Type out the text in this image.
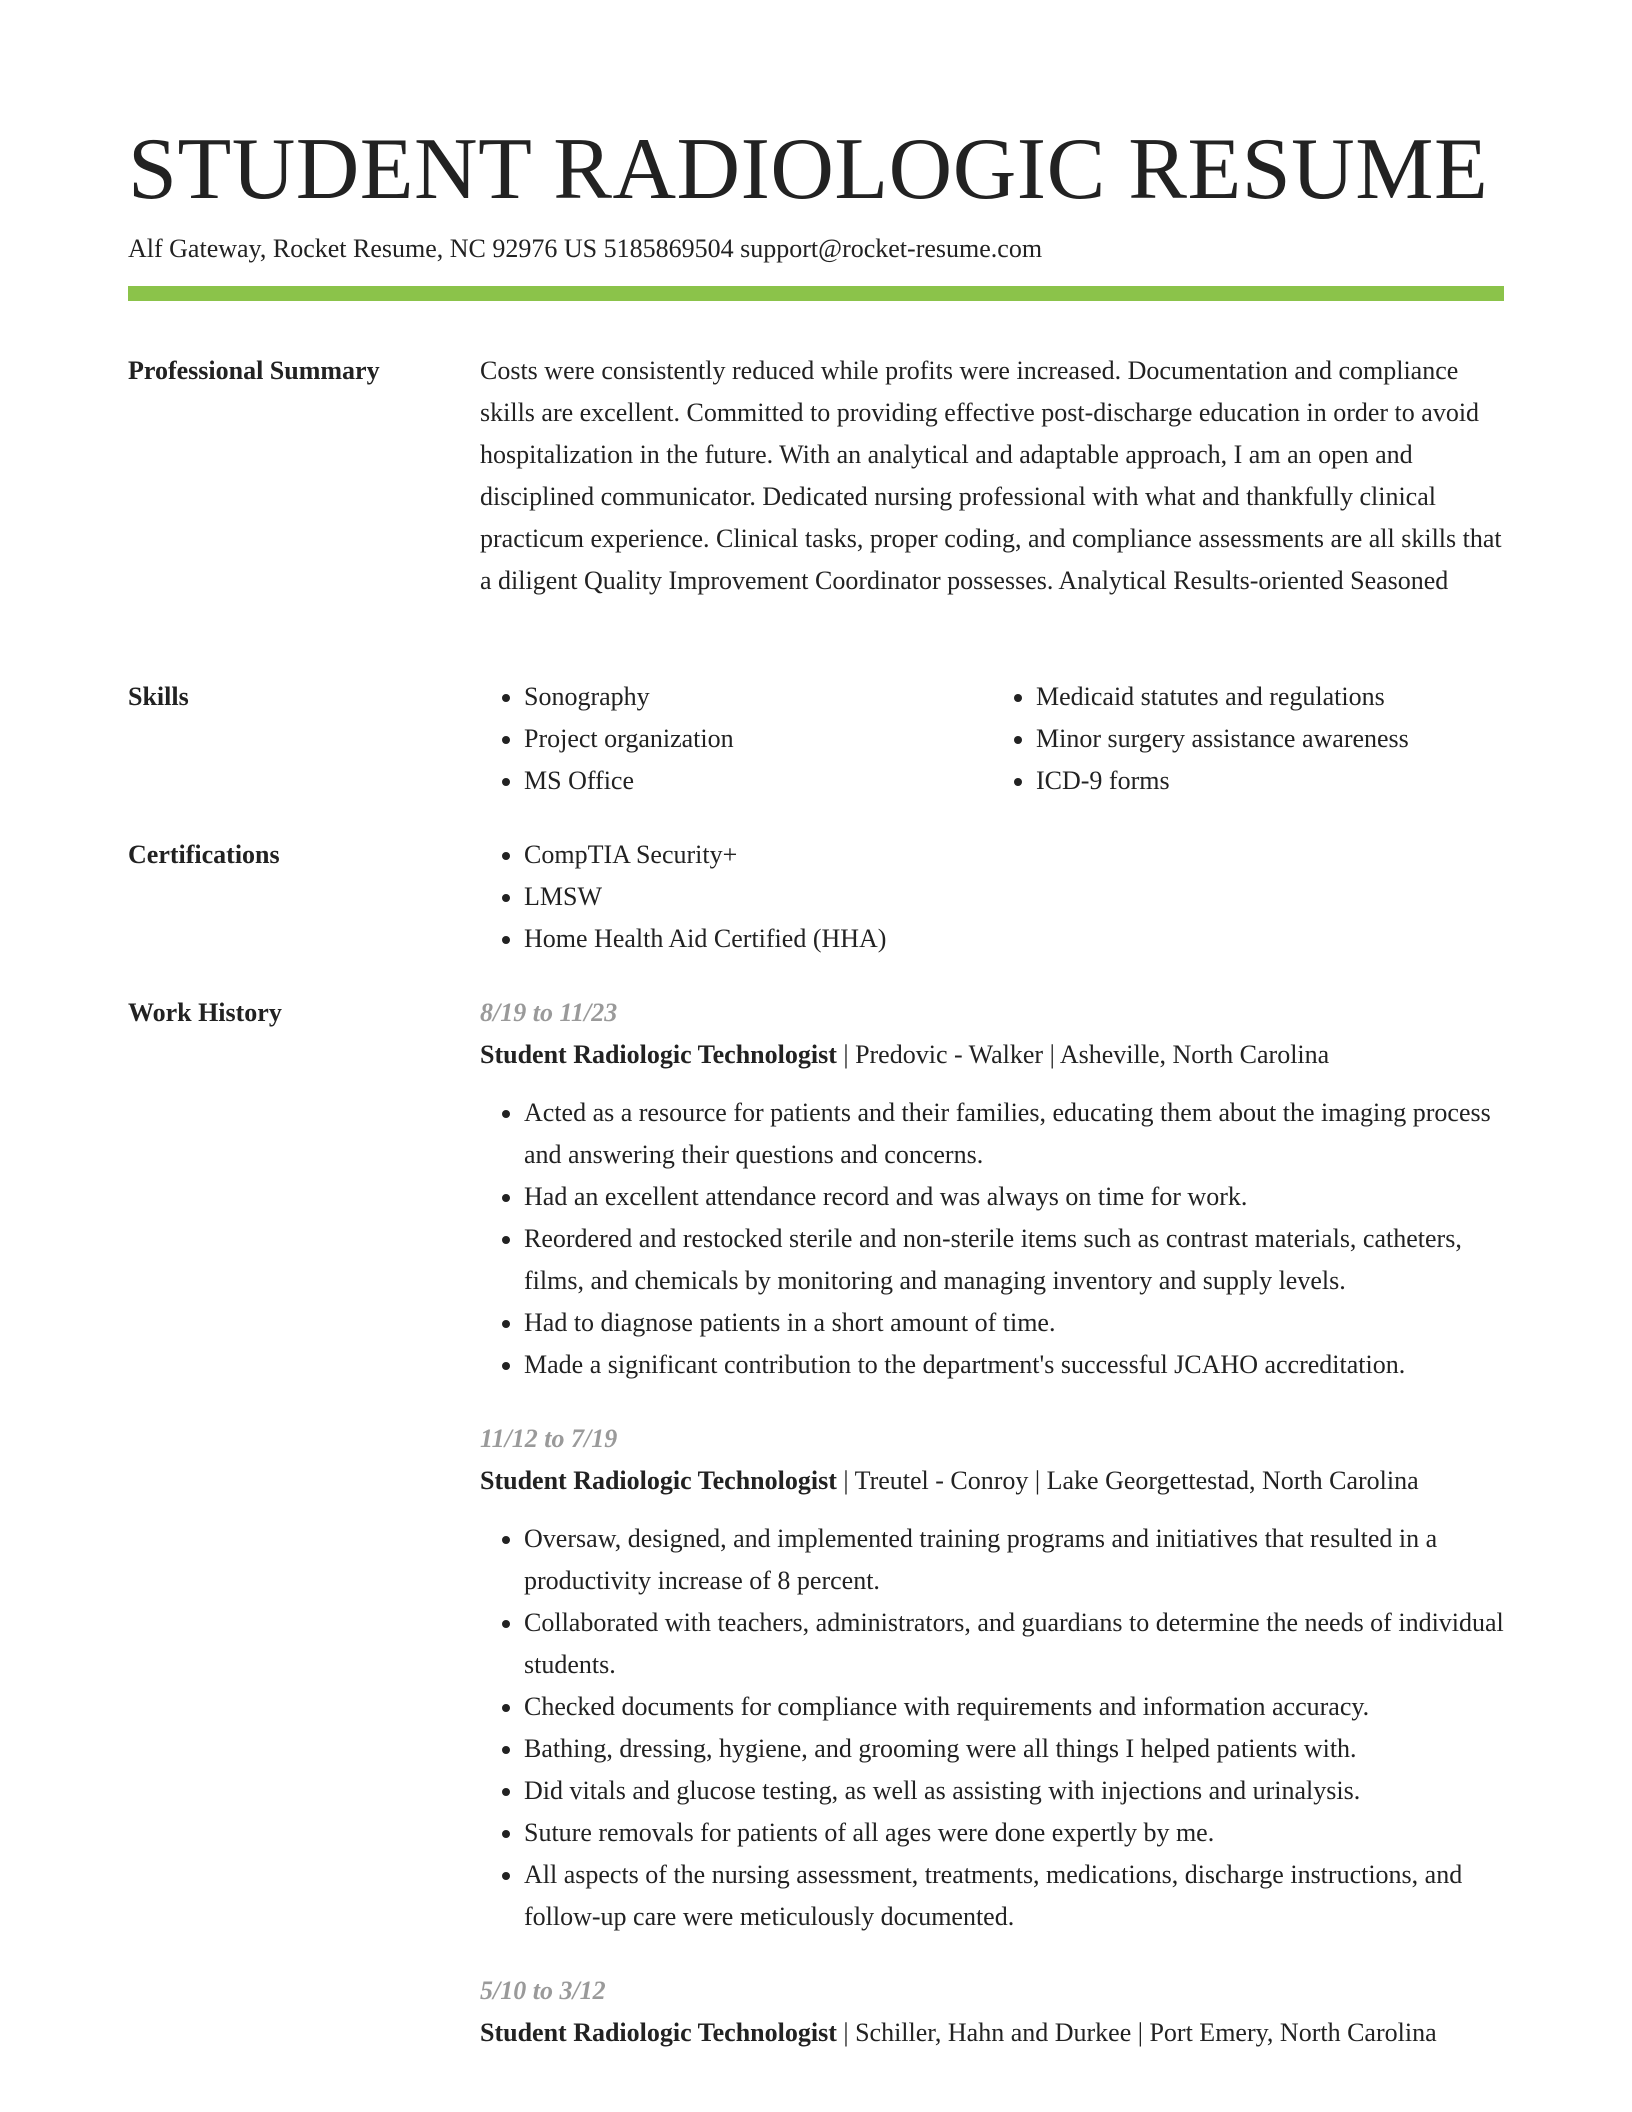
STUDENT RADIOLOGIC RESUME
Alf Gateway, Rocket Resume, NC 92976 US 5185869504 support@rocket-resume.com
Professional Summary	Costs were consistently reduced while profits were increased. Documentation and compliance skills are excellent. Committed to providing effective post-discharge education in order to avoid hospitalization in the future. With an analytical and adaptable approach, I am an open and disciplined communicator. Dedicated nursing professional with what and thankfully clinical practicum experience. Clinical tasks, proper coding, and compliance assessments are all skills that a diligent Quality Improvement Coordinator possesses. Analytical Results-oriented Seasoned

Skills	• Sonography
• Project organization
• MS Office
• Medicaid statutes and regulations
• Minor surgery assistance awareness
• ICD-9 forms
Certifications	• CompTIA Security+
• LMSW
• Home Health Aid Certified (HHA)
Work History	8/19 to 11/23

Student Radiologic Technologist | Predovic - Walker | Asheville, North Carolina

• Acted as a resource for patients and their families, educating them about the imaging process and answering their questions and concerns.
• Had an excellent attendance record and was always on time for work.
• Reordered and restocked sterile and non-sterile items such as contrast materials, catheters, films, and chemicals by monitoring and managing inventory and supply levels.
• Had to diagnose patients in a short amount of time.
• Made a significant contribution to the department's successful JCAHO accreditation.

11/12 to 7/19

Student Radiologic Technologist | Treutel - Conroy | Lake Georgettestad, North Carolina

• Oversaw, designed, and implemented training programs and initiatives that resulted in a productivity increase of 8 percent.
• Collaborated with teachers, administrators, and guardians to determine the needs of individual students.
• Checked documents for compliance with requirements and information accuracy.
• Bathing, dressing, hygiene, and grooming were all things I helped patients with.
• Did vitals and glucose testing, as well as assisting with injections and urinalysis.
• Suture removals for patients of all ages were done expertly by me.
• All aspects of the nursing assessment, treatments, medications, discharge instructions, and follow-up care were meticulously documented.

5/10 to 3/12

Student Radiologic Technologist | Schiller, Hahn and Durkee | Port Emery, North Carolina
